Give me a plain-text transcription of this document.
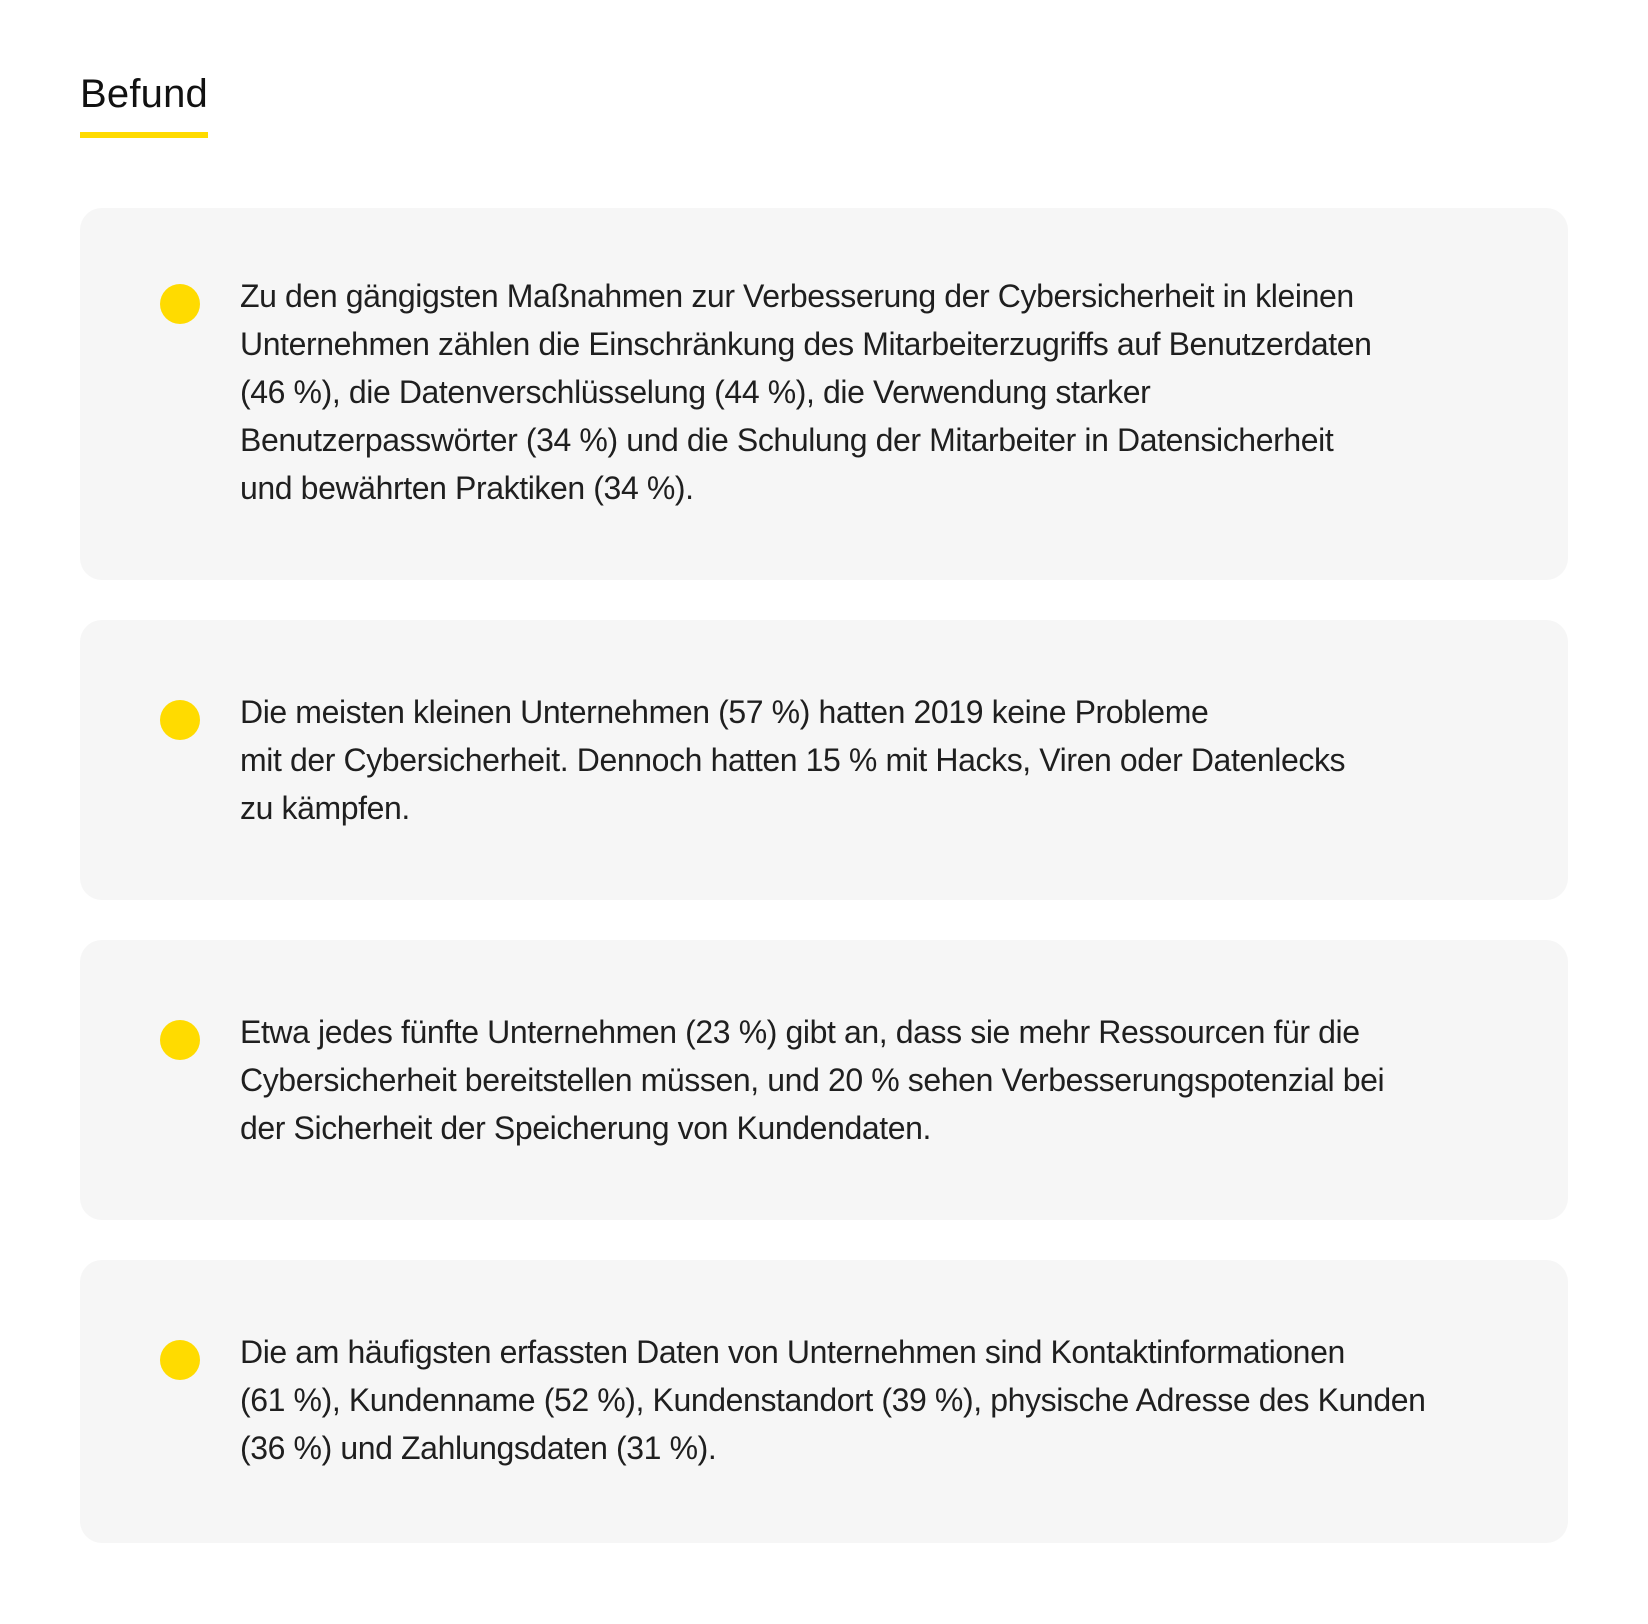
Befund

Zu den gängigsten Maßnahmen zur Verbesserung der Cybersicherheit in kleinen
Unternehmen zählen die Einschränkung des Mitarbeiterzugriffs auf Benutzerdaten
(46 %), die Datenverschlüsselung (44 %), die Verwendung starker
Benutzerpasswörter (34 %) und die Schulung der Mitarbeiter in Datensicherheit
und bewährten Praktiken (34 %).

Die meisten kleinen Unternehmen (57 %) hatten 2019 keine Probleme
mit der Cybersicherheit. Dennoch hatten 15 % mit Hacks, Viren oder Datenlecks
zu kämpfen.

Etwa jedes fünfte Unternehmen (23 %) gibt an, dass sie mehr Ressourcen für die
Cybersicherheit bereitstellen müssen, und 20 % sehen Verbesserungspotenzial bei
der Sicherheit der Speicherung von Kundendaten.

Die am häufigsten erfassten Daten von Unternehmen sind Kontaktinformationen
(61 %), Kundenname (52 %), Kundenstandort (39 %), physische Adresse des Kunden
(36 %) und Zahlungsdaten (31 %).
